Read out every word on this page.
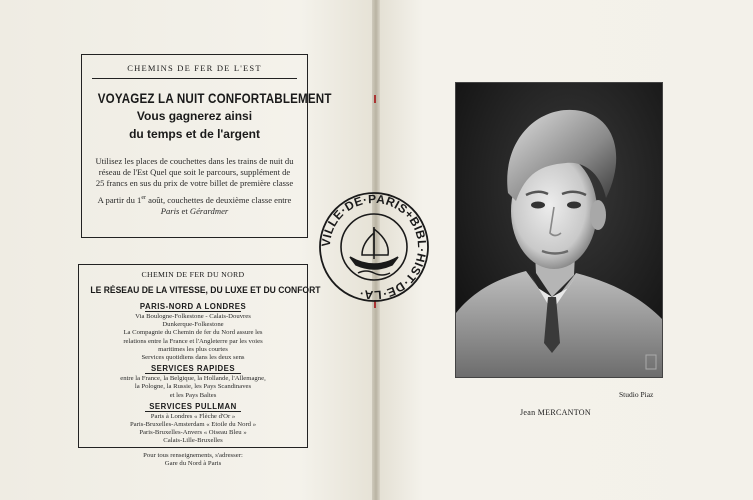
CHEMINS DE FER DE L'EST
VOYAGEZ LA NUIT CONFORTABLEMENT
Vous gagnerez ainsi
du temps et de l'argent
Utilisez les places de couchettes dans les trains de nuit du réseau de l'Est Quel que soit le parcours, supplément de 25 francs en sus du prix de votre billet de première classe
A partir du 1er août, couchettes de deuxième classe entre Paris et Gérardmer
CHEMIN DE FER DU NORD
LE RÉSEAU DE LA VITESSE, DU LUXE ET DU CONFORT
PARIS-NORD A LONDRES
Via Boulogne-Folkestone - Calais-Douvres
Dunkerque-Folkestone
La Compagnie du Chemin de fer du Nord assure les
relations entre la France et l'Angleterre par les voies
maritimes les plus courtes
Services quotidiens dans les deux sens
SERVICES RAPIDES
entre la France, la Belgique, la Hollande, l'Allemagne,
la Pologne, la Russie, les Pays Scandinaves
et les Pays Baltes
SERVICES PULLMAN
Paris à Londres « Flèche d'Or »
Paris-Bruxelles-Amsterdam « Etoile du Nord »
Paris-Bruxelles-Anvers « Oiseau Bleu »
Calais-Lille-Bruxelles
Pour tous renseignements, s'adresser:
Gare du Nord à Paris
Studio Piaz
Jean MERCANTON
VILLE·DE·PARIS+BIBL·HIST·DE·LA·
